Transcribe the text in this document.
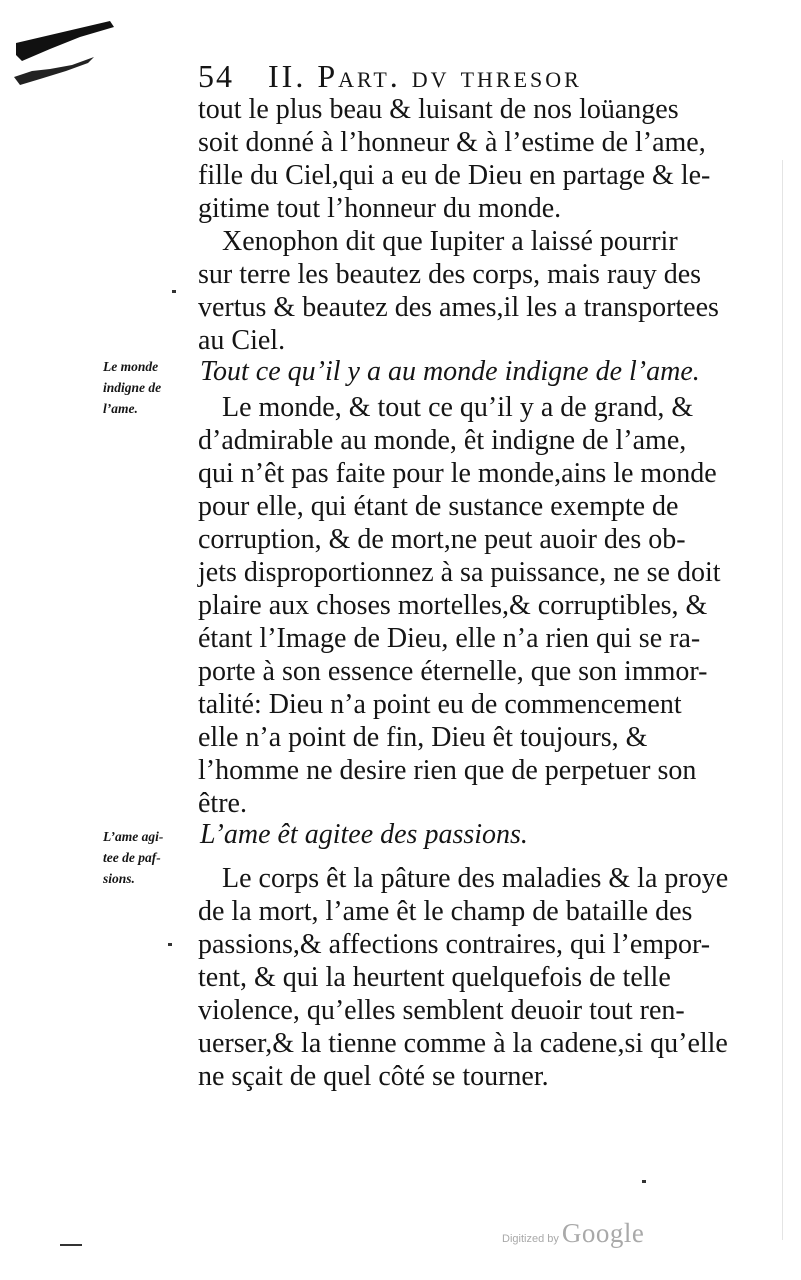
54 II. Part. dv thresor
tout le plus beau & luisant de nos loüanges
soit donné à l’honneur & à l’estime de l’ame,
fille du Ciel,qui a eu de Dieu en partage & le-
gitime tout l’honneur du monde.
Xenophon dit que Iupiter a laissé pourrir
sur terre les beautez des corps, mais rauy des
vertus & beautez des ames,il les a transportees
au Ciel.
Tout ce qu’il y a au monde indigne de l’ame.
Le monde
indigne de
l’ame.	Le monde, & tout ce qu’il y a de grand, &
d’admirable au monde, êt indigne de l’ame,
qui n’êt pas faite pour le monde,ains le monde
pour elle, qui étant de sustance exempte de
corruption, & de mort,ne peut auoir des ob-
jets disproportionnez à sa puissance, ne se doit
plaire aux choses mortelles,& corruptibles, &
étant l’Image de Dieu, elle n’a rien qui se ra-
porte à son essence éternelle, que son immor-
talité: Dieu n’a point eu de commencement
elle n’a point de fin, Dieu êt toujours, &
l’homme ne desire rien que de perpetuer son
être.
L’ame êt agitee des passions.
L’ame agi-
tee de paf-
sions.	Le corps êt la pâture des maladies & la proye
de la mort, l’ame êt le champ de bataille des
passions,& affections contraires, qui l’empor-
tent, & qui la heurtent quelquefois de telle
violence, qu’elles semblent deuoir tout ren-
uerser,& la tienne comme à la cadene,si qu’elle
ne sçait de quel côté se tourner.
Digitized by Google
